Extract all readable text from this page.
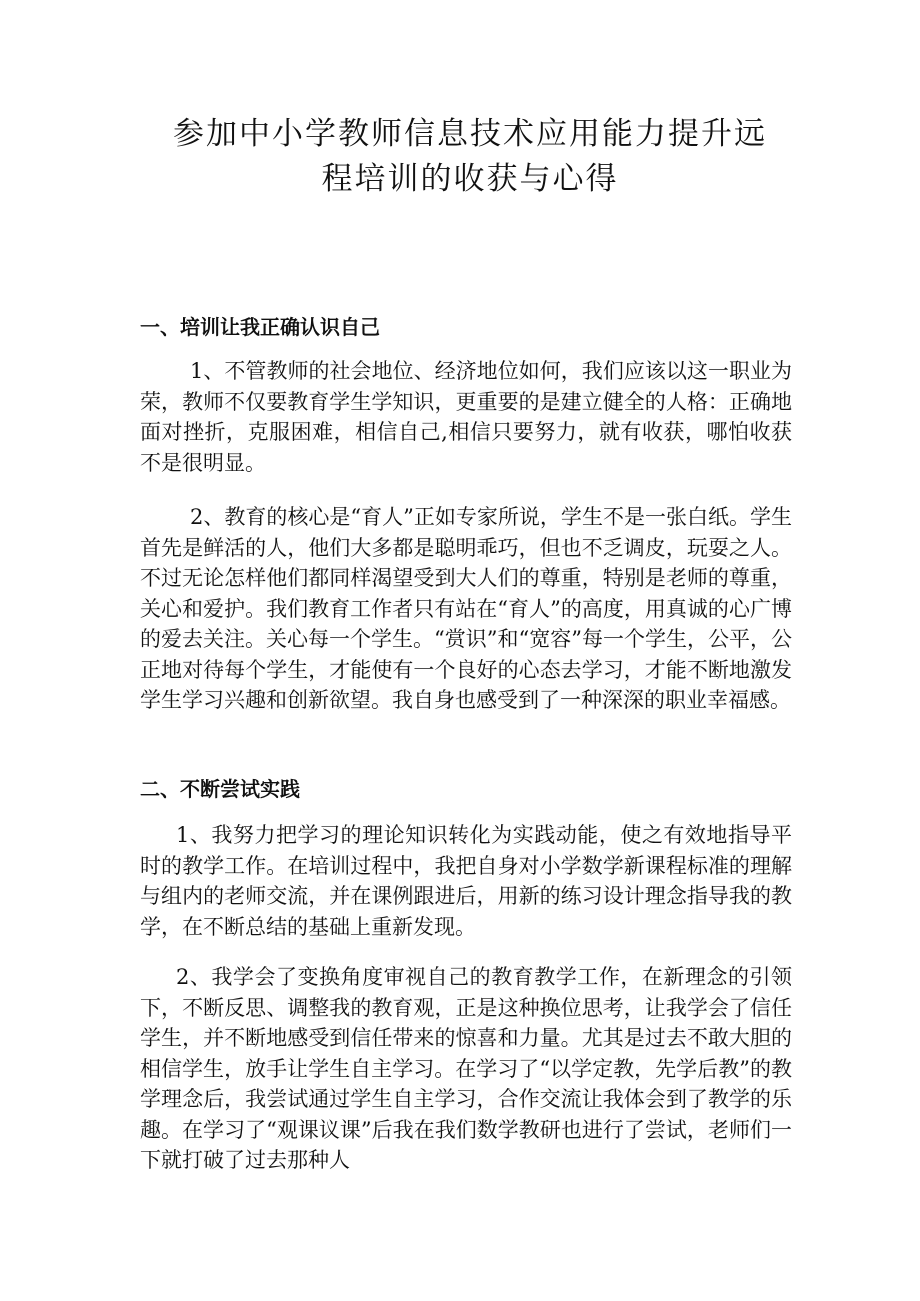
参加中小学教师信息技术应用能力提升远
程培训的收获与心得
一、培训让我正确认识自己

1、不管教师的社会地位、经济地位如何，我们应该以这一职业为荣，教师不仅要教育学生学知识，更重要的是建立健全的人格：正确地面对挫折，克服困难，相信自己,相信只要努力，就有收获，哪怕收获不是很明显。

2、教育的核心是“育人”正如专家所说，学生不是一张白纸。学生首先是鲜活的人，他们大多都是聪明乖巧，但也不乏调皮，玩耍之人。不过无论怎样他们都同样渴望受到大人们的尊重，特别是老师的尊重，关心和爱护。我们教育工作者只有站在“育人”的高度，用真诚的心广博的爱去关注。关心每一个学生。“赏识”和“宽容”每一个学生，公平，公正地对待每个学生，才能使有一个良好的心态去学习，才能不断地激发学生学习兴趣和创新欲望。我自身也感受到了一种深深的职业幸福感。

二、不断尝试实践

1、我努力把学习的理论知识转化为实践动能，使之有效地指导平时的教学工作。在培训过程中，我把自身对小学数学新课程标准的理解与组内的老师交流，并在课例跟进后，用新的练习设计理念指导我的教学，在不断总结的基础上重新发现。

2、我学会了变换角度审视自己的教育教学工作，在新理念的引领下，不断反思、调整我的教育观，正是这种换位思考，让我学会了信任学生，并不断地感受到信任带来的惊喜和力量。尤其是过去不敢大胆的相信学生，放手让学生自主学习。在学习了“以学定教，先学后教”的教学理念后，我尝试通过学生自主学习，合作交流让我体会到了教学的乐趣。在学习了“观课议课”后我在我们数学教研也进行了尝试，老师们一下就打破了过去那种人
